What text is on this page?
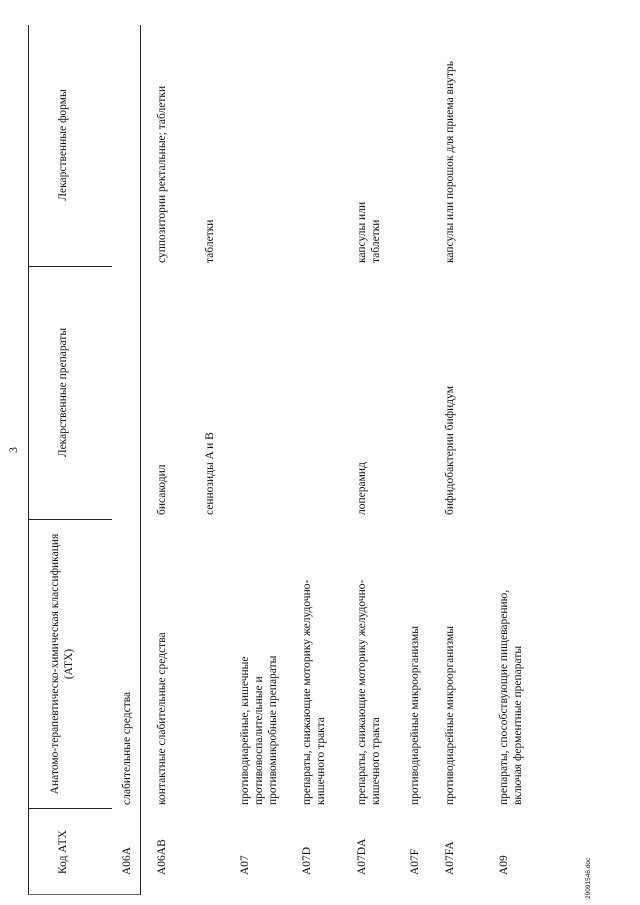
3
Код АТХ
Анатомо-терапевтическо-химическая классификация (АТХ)
Лекарственные препараты
Лекарственные формы
A06A
слабительные средства
A06AB
контактные слабительные средства
бисакодил
суппозитории ректальные; таблетки
сеннозиды A и B
таблетки
A07
противодиарейные, кишечные противовоспалительные и противомикробные препараты
A07D
препараты, снижающие моторику желудочно-кишечного тракта
A07DA
препараты, снижающие моторику желудочно-кишечного тракта
лоперамид
капсулы или таблетки
A07F
противодиарейные микроорганизмы
A07FA
противодиарейные микроорганизмы
бифидобактерии бифидум
капсулы или порошок для приема внутрь
A09
препараты, способствующие пищеварению, включая ферментные препараты
29091546.doc
